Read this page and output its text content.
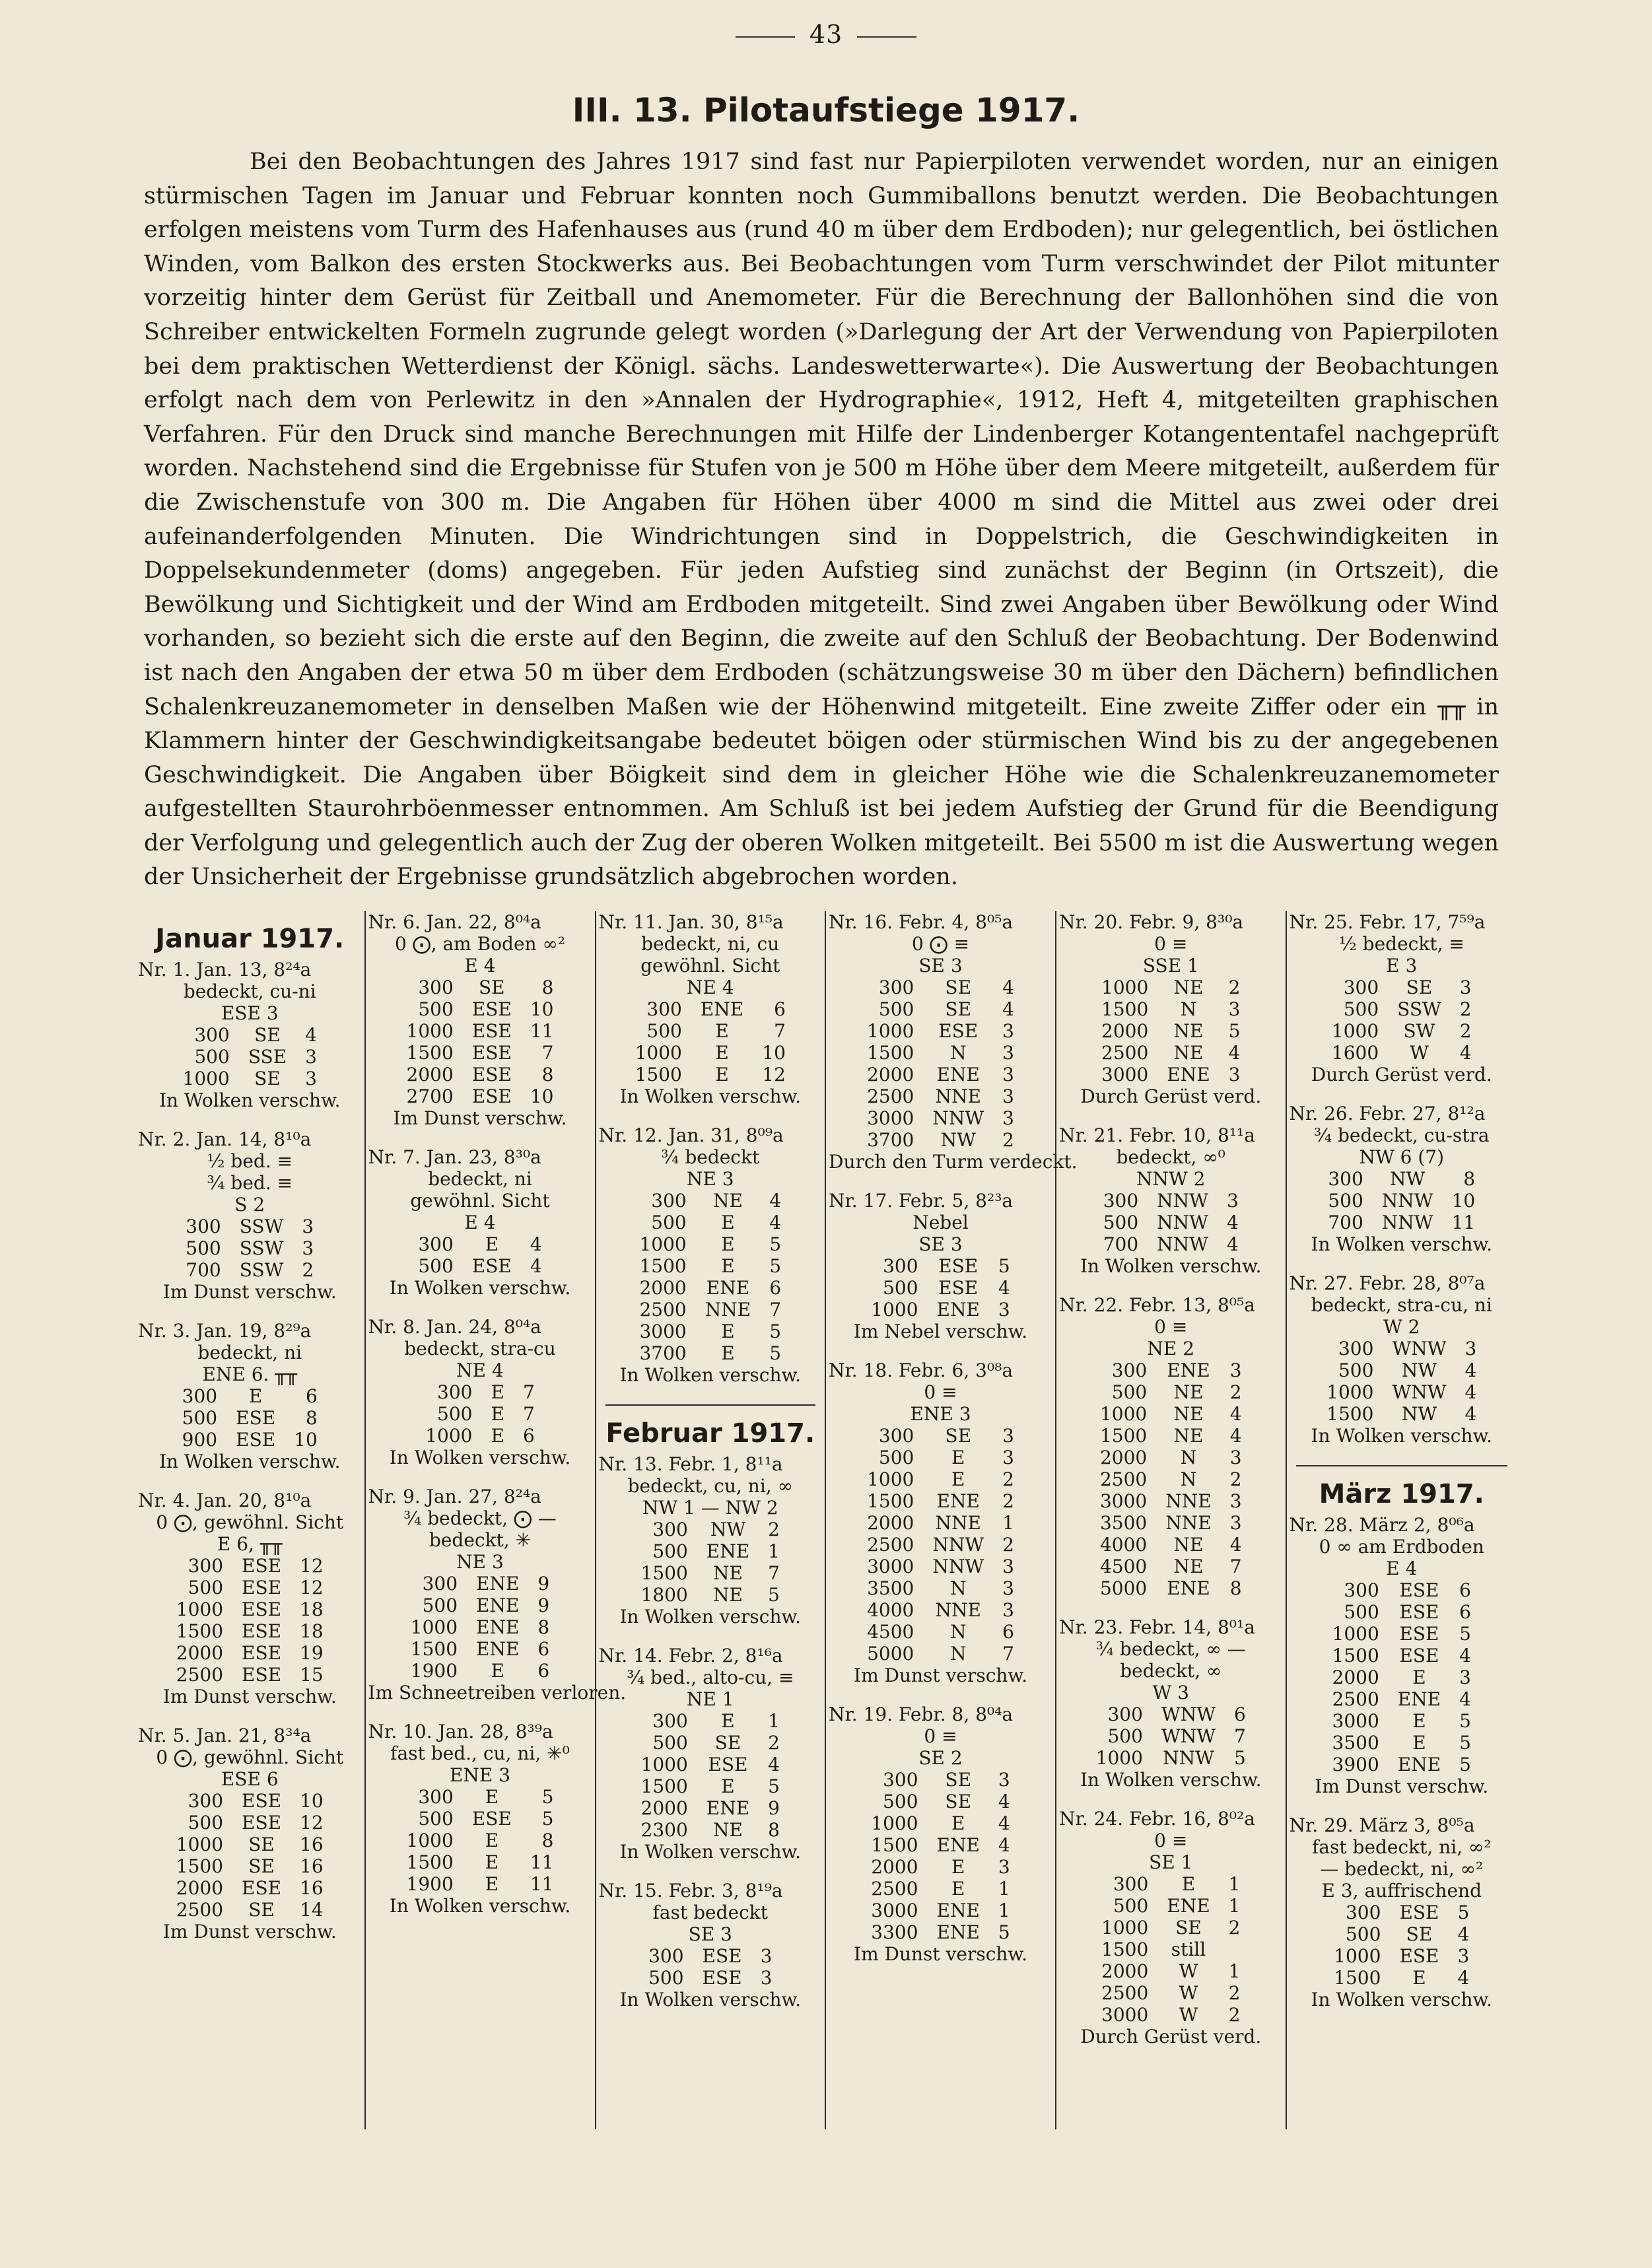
43
III. 13. Pilotaufstiege 1917.

Bei den Beobachtungen des Jahres 1917 sind fast nur Papierpiloten verwendet worden, nur an einigen stürmischen Tagen im Januar und Februar konnten noch Gummiballons benutzt werden. Die Beobachtungen erfolgen meistens vom Turm des Hafenhauses aus (rund 40 m über dem Erdboden); nur gelegentlich, bei östlichen Winden, vom Balkon des ersten Stockwerks aus. Bei Beobachtungen vom Turm verschwindet der Pilot mitunter vorzeitig hinter dem Gerüst für Zeitball und Anemometer. Für die Berechnung der Ballonhöhen sind die von Schreiber entwickelten Formeln zugrunde gelegt worden (»Darlegung der Art der Verwendung von Papierpiloten bei dem praktischen Wetterdienst der Königl. sächs. Landeswetterwarte«). Die Auswertung der Beobachtungen erfolgt nach dem von Perlewitz in den »Annalen der Hydrographie«, 1912, Heft 4, mitgeteilten graphischen Verfahren. Für den Druck sind manche Berechnungen mit Hilfe der Lindenberger Kotangententafel nachgeprüft worden. Nachstehend sind die Ergebnisse für Stufen von je 500 m Höhe über dem Meere mitgeteilt, außerdem für die Zwischenstufe von 300 m. Die Angaben für Höhen über 4000 m sind die Mittel aus zwei oder drei aufeinanderfolgenden Minuten. Die Windrichtungen sind in Doppelstrich, die Geschwindigkeiten in Doppelsekundenmeter (doms) angegeben. Für jeden Aufstieg sind zunächst der Beginn (in Ortszeit), die Bewölkung und Sichtigkeit und der Wind am Erdboden mitgeteilt. Sind zwei Angaben über Bewölkung oder Wind vorhanden, so bezieht sich die erste auf den Beginn, die zweite auf den Schluß der Beobachtung. Der Bodenwind ist nach den Angaben der etwa 50 m über dem Erdboden (schätzungsweise 30 m über den Dächern) befindlichen Schalenkreuzanemometer in denselben Maßen wie der Höhenwind mitgeteilt. Eine zweite Ziffer oder ein ╥╥ in Klammern hinter der Geschwindigkeitsangabe bedeutet böigen oder stürmischen Wind bis zu der angegebenen Geschwindigkeit. Die Angaben über Böigkeit sind dem in gleicher Höhe wie die Schalenkreuzanemometer aufgestellten Staurohrböenmesser entnommen. Am Schluß ist bei jedem Aufstieg der Grund für die Beendigung der Verfolgung und gelegentlich auch der Zug der oberen Wolken mitgeteilt. Bei 5500 m ist die Auswertung wegen der Unsicherheit der Ergebnisse grundsätzlich abgebrochen worden.

Januar 1917.
Nr. 1. Jan. 13, 8²⁴a
bedeckt, cu-ni
ESE 3
300	SE	4
500	SSE	3
1000	SE	3
In Wolken verschw.
Nr. 2. Jan. 14, 8¹⁰a
½ bed. ≡
¾ bed. ≡
S 2
300	SSW	3
500	SSW	3
700	SSW	2
Im Dunst verschw.
Nr. 3. Jan. 19, 8²⁹a
bedeckt, ni
ENE 6. ╥╥
300	E	6
500	ESE	8
900	ESE	10
In Wolken verschw.
Nr. 4. Jan. 20, 8¹⁰a
0 ⨀, gewöhnl. Sicht
E 6, ╥╥
300	ESE	12
500	ESE	12
1000	ESE	18
1500	ESE	18
2000	ESE	19
2500	ESE	15
Im Dunst verschw.
Nr. 5. Jan. 21, 8³⁴a
0 ⨀, gewöhnl. Sicht
ESE 6
300	ESE	10
500	ESE	12
1000	SE	16
1500	SE	16
2000	ESE	16
2500	SE	14
Im Dunst verschw.
Nr. 6. Jan. 22, 8⁰⁴a
0 ⨀, am Boden ∞²
E 4
300	SE	8
500	ESE	10
1000	ESE	11
1500	ESE	7
2000	ESE	8
2700	ESE	10
Im Dunst verschw.
Nr. 7. Jan. 23, 8³⁰a
bedeckt, ni
gewöhnl. Sicht
E 4
300	E	4
500	ESE	4
In Wolken verschw.
Nr. 8. Jan. 24, 8⁰⁴a
bedeckt, stra-cu
NE 4
300	E	7
500	E	7
1000	E	6
In Wolken verschw.
Nr. 9. Jan. 27, 8²⁴a
¾ bedeckt, ⨀ —
bedeckt, ✳
NE 3
300	ENE	9
500	ENE	9
1000	ENE	8
1500	ENE	6
1900	E	6
Im Schneetreiben verloren.
Nr. 10. Jan. 28, 8³⁹a
fast bed., cu, ni, ✳⁰
ENE 3
300	E	5
500	ESE	5
1000	E	8
1500	E	11
1900	E	11
In Wolken verschw.
Nr. 11. Jan. 30, 8¹⁵a
bedeckt, ni, cu
gewöhnl. Sicht
NE 4
300	ENE	6
500	E	7
1000	E	10
1500	E	12
In Wolken verschw.
Nr. 12. Jan. 31, 8⁰⁹a
¾ bedeckt
NE 3
300	NE	4
500	E	4
1000	E	5
1500	E	5
2000	ENE	6
2500	NNE	7
3000	E	5
3700	E	5
In Wolken verschw.
Februar 1917.
Nr. 13. Febr. 1, 8¹¹a
bedeckt, cu, ni, ∞
NW 1 — NW 2
300	NW	2
500	ENE	1
1500	NE	7
1800	NE	5
In Wolken verschw.
Nr. 14. Febr. 2, 8¹⁶a
¾ bed., alto-cu, ≡
NE 1
300	E	1
500	SE	2
1000	ESE	4
1500	E	5
2000	ENE	9
2300	NE	8
In Wolken verschw.
Nr. 15. Febr. 3, 8¹⁹a
fast bedeckt
SE 3
300	ESE	3
500	ESE	3
In Wolken verschw.
Nr. 16. Febr. 4, 8⁰⁵a
0 ⨀ ≡
SE 3
300	SE	4
500	SE	4
1000	ESE	3
1500	N	3
2000	ENE	3
2500	NNE	3
3000	NNW	3
3700	NW	2
Durch den Turm verdeckt.
Nr. 17. Febr. 5, 8²³a
Nebel
SE 3
300	ESE	5
500	ESE	4
1000	ENE	3
Im Nebel verschw.
Nr. 18. Febr. 6, 3⁰⁸a
0 ≡
ENE 3
300	SE	3
500	E	3
1000	E	2
1500	ENE	2
2000	NNE	1
2500	NNW	2
3000	NNW	3
3500	N	3
4000	NNE	3
4500	N	6
5000	N	7
Im Dunst verschw.
Nr. 19. Febr. 8, 8⁰⁴a
0 ≡
SE 2
300	SE	3
500	SE	4
1000	E	4
1500	ENE	4
2000	E	3
2500	E	1
3000	ENE	1
3300	ENE	5
Im Dunst verschw.
Nr. 20. Febr. 9, 8³⁰a
0 ≡
SSE 1
1000	NE	2
1500	N	3
2000	NE	5
2500	NE	4
3000	ENE	3
Durch Gerüst verd.
Nr. 21. Febr. 10, 8¹¹a
bedeckt, ∞⁰
NNW 2
300	NNW	3
500	NNW	4
700	NNW	4
In Wolken verschw.
Nr. 22. Febr. 13, 8⁰⁵a
0 ≡
NE 2
300	ENE	3
500	NE	2
1000	NE	4
1500	NE	4
2000	N	3
2500	N	2
3000	NNE	3
3500	NNE	3
4000	NE	4
4500	NE	7
5000	ENE	8
Nr. 23. Febr. 14, 8⁰¹a
¾ bedeckt, ∞ —
bedeckt, ∞
W 3
300	WNW	6
500	WNW	7
1000	NNW	5
In Wolken verschw.
Nr. 24. Febr. 16, 8⁰²a
0 ≡
SE 1
300	E	1
500	ENE	1
1000	SE	2
1500	still	
2000	W	1
2500	W	2
3000	W	2
Durch Gerüst verd.
Nr. 25. Febr. 17, 7⁵⁹a
½ bedeckt, ≡
E 3
300	SE	3
500	SSW	2
1000	SW	2
1600	W	4
Durch Gerüst verd.
Nr. 26. Febr. 27, 8¹²a
¾ bedeckt, cu-stra
NW 6 (7)
300	NW	8
500	NNW	10
700	NNW	11
In Wolken verschw.
Nr. 27. Febr. 28, 8⁰⁷a
bedeckt, stra-cu, ni
W 2
300	WNW	3
500	NW	4
1000	WNW	4
1500	NW	4
In Wolken verschw.
März 1917.
Nr. 28. März 2, 8⁰⁶a
0 ∞ am Erdboden
E 4
300	ESE	6
500	ESE	6
1000	ESE	5
1500	ESE	4
2000	E	3
2500	ENE	4
3000	E	5
3500	E	5
3900	ENE	5
Im Dunst verschw.
Nr. 29. März 3, 8⁰⁵a
fast bedeckt, ni, ∞²
— bedeckt, ni, ∞²
E 3, auffrischend
300	ESE	5
500	SE	4
1000	ESE	3
1500	E	4
In Wolken verschw.
